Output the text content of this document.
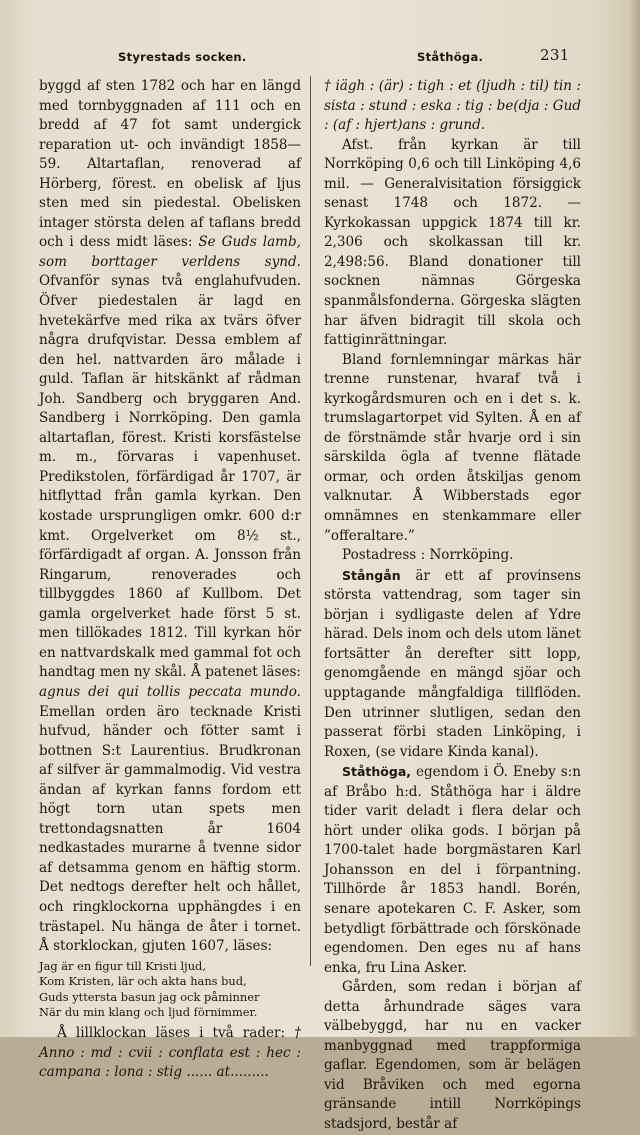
Styrestads socken.	Ståthöga.	231

byggd af sten 1782 och har en längd med tornbyggnaden af 111 och en bredd af 47 fot samt undergick reparation ut- och invändigt 1858—59. Altartaflan, renoverad af Hörberg, förest. en obelisk af ljus sten med sin piedestal. Obelisken intager största delen af taflans bredd och i dess midt läses: Se Guds lamb, som borttager verldens synd. Ofvanför synas två englahufvuden. Öfver piedestalen är lagd en hvetekärfve med rika ax tvärs öfver några drufqvistar. Dessa emblem af den hel. nattvarden äro målade i guld. Taflan är hitskänkt af rådman Joh. Sandberg och bryggaren And. Sandberg i Norrköping. Den gamla altartaflan, förest. Kristi korsfästelse m. m., förvaras i vapenhuset. Predikstolen, förfärdigad år 1707, är hitflyttad från gamla kyrkan. Den kostade ursprungligen omkr. 600 d:r kmt. Orgelverket om 8½ st., förfärdigadt af organ. A. Jonsson från Ringarum, renoverades och tillbyggdes 1860 af Kullbom. Det gamla orgelverket hade först 5 st. men tillökades 1812. Till kyrkan hör en nattvardskalk med gammal fot och handtag men ny skål. Å patenet läses: agnus dei qui tollis peccata mundo. Emellan orden äro tecknade Kristi hufvud, händer och fötter samt i bottnen S:t Laurentius. Brudkronan af silfver är gammalmodig. Vid vestra ändan af kyrkan fanns fordom ett högt torn utan spets men trettondagsnatten år 1604 nedkastades murarne å tvenne sidor af detsamma genom en häftig storm. Det nedtogs derefter helt och hållet, och ringklockorna upphängdes i en trästapel. Nu hänga de åter i tornet. Å storklockan, gjuten 1607, läses:

Jag är en figur till Kristi ljud,
Kom Kristen, lär och akta hans bud,
Guds yttersta basun jag ock påminner
När du min klang och ljud förnimmer.

Å lillklockan läses i två rader: † Anno : md : cvii : conflata est : hec : campana : lona : stig ...... at.........

† iägh : (är) : tigh : et (ljudh : til) tin : sista : stund : eska : tig : be(dja : Gud : (af : hjert)ans : grund.

Afst. från kyrkan är till Norrköping 0,6 och till Linköping 4,6 mil. — Generalvisitation försiggick senast 1748 och 1872. — Kyrkokassan uppgick 1874 till kr. 2,306 och skolkassan till kr. 2,498:56. Bland donationer till socknen nämnas Görgeska spanmålsfonderna. Görgeska slägten har äfven bidragit till skola och fattiginrättningar.

Bland fornlemningar märkas här trenne runstenar, hvaraf två i kyrkogårdsmuren och en i det s. k. trumslagartorpet vid Sylten. Å en af de förstnämde står hvarje ord i sin särskilda ögla af tvenne flätade ormar, och orden åtskiljas genom valknutar. Å Wibberstads egor omnämnes en stenkammare eller ”offeraltare.”

Postadress : Norrköping.

Stångån är ett af provinsens största vattendrag, som tager sin början i sydligaste delen af Ydre härad. Dels inom och dels utom länet fortsätter ån derefter sitt lopp, genomgående en mängd sjöar och upptagande mångfaldiga tillflöden. Den utrinner slutligen, sedan den passerat förbi staden Linköping, i Roxen, (se vidare Kinda kanal).

Ståthöga, egendom i Ö. Eneby s:n af Bråbo h:d. Ståthöga har i äldre tider varit deladt i flera delar och hört under olika gods. I början på 1700-talet hade borgmästaren Karl Johansson en del i förpantning. Tillhörde år 1853 handl. Borén, senare apotekaren C. F. Asker, som betydligt förbättrade och förskönade egendomen. Den eges nu af hans enka, fru Lina Asker.

Gården, som redan i början af detta århundrade säges vara välbebyggd, har nu en vacker manbyggnad med trappformiga gaflar. Egendomen, som är belägen vid Bråviken och med egorna gränsande intill Norrköpings stadsjord, består af
